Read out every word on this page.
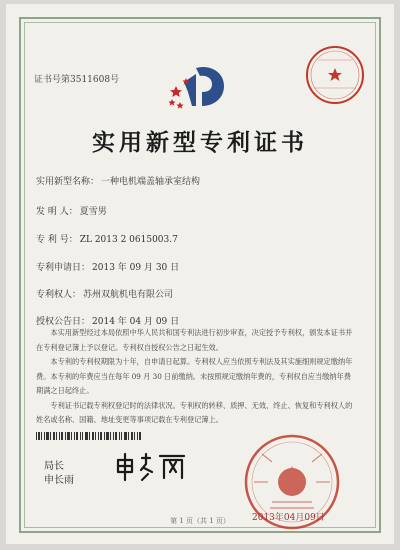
证书号第3511608号
实用新型专利证书
实用新型名称： 一种电机端盖轴承室结构
发 明 人： 夏雪男
专 利 号： ZL 2013 2 0615003.7
专利申请日： 2013 年 09 月 30 日
专利权人： 苏州双航机电有限公司
授权公告日： 2014 年 04 月 09 日

本实用新型经过本局依照中华人民共和国专利法进行初步审查，决定授予专利权，颁发本证书并在专利登记簿上予以登记。专利权自授权公告之日起生效。

本专利的专利权期限为十年，自申请日起算。专利权人应当依照专利法及其实施细则规定缴纳年费。本专利的年费应当在每年 09 月 30 日前缴纳。未按照规定缴纳年费的，专利权自应当缴纳年费期满之日起终止。

专利证书记载专利权登记时的法律状况。专利权的转移、质押、无效、终止、恢复和专利权人的姓名或名称、国籍、地址变更等事项记载在专利登记簿上。

局长
申长雨
2013年04月09日
第 1 页（共 1 页）
